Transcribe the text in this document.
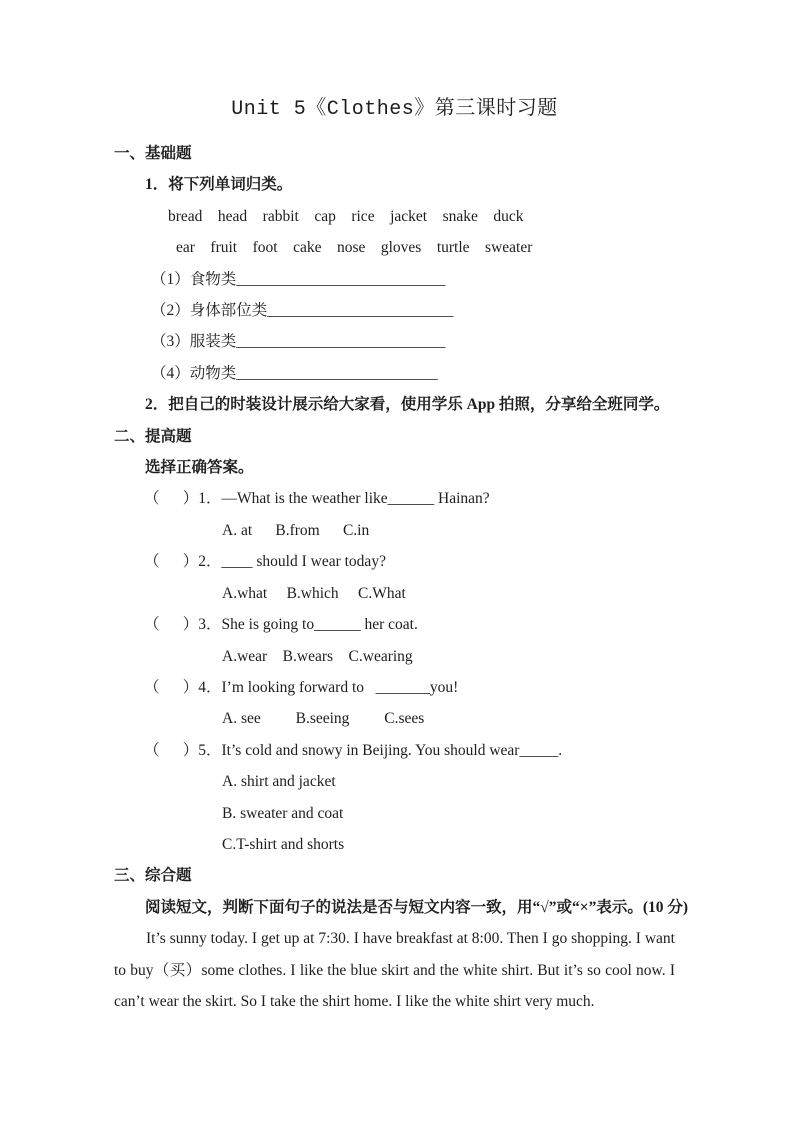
Unit 5《Clothes》第三课时习题
一、基础题
1．将下列单词归类。
bread    head    rabbit    cap    rice    jacket    snake    duck
ear    fruit    foot    cake    nose    gloves    turtle    sweater
（1）食物类___________________________
（2）身体部位类________________________
（3）服装类___________________________
（4）动物类__________________________
2．把自己的时装设计展示给大家看，使用学乐 App 拍照，分享给全班同学。
二、提高题
选择正确答案。
（      ）1．—What is the weather like______ Hainan?
A. at      B.from      C.in
（      ）2．____ should I wear today?
A.what     B.which     C.What
（      ）3．She is going to______ her coat.
A.wear    B.wears    C.wearing
（      ）4．I’m looking forward to   _______you!
A. see         B.seeing         C.sees
（      ）5．It’s cold and snowy in Beijing. You should wear_____.
A. shirt and jacket
B. sweater and coat
C.T-shirt and shorts
三、综合题
阅读短文，判断下面句子的说法是否与短文内容一致，用“√”或“×”表示。(10 分)

It’s sunny today. I get up at 7:30. I have breakfast at 8:00. Then I go shopping. I want to buy（买）some clothes. I like the blue skirt and the white shirt. But it’s so cool now. I can’t wear the skirt. So I take the shirt home. I like the white shirt very much.
